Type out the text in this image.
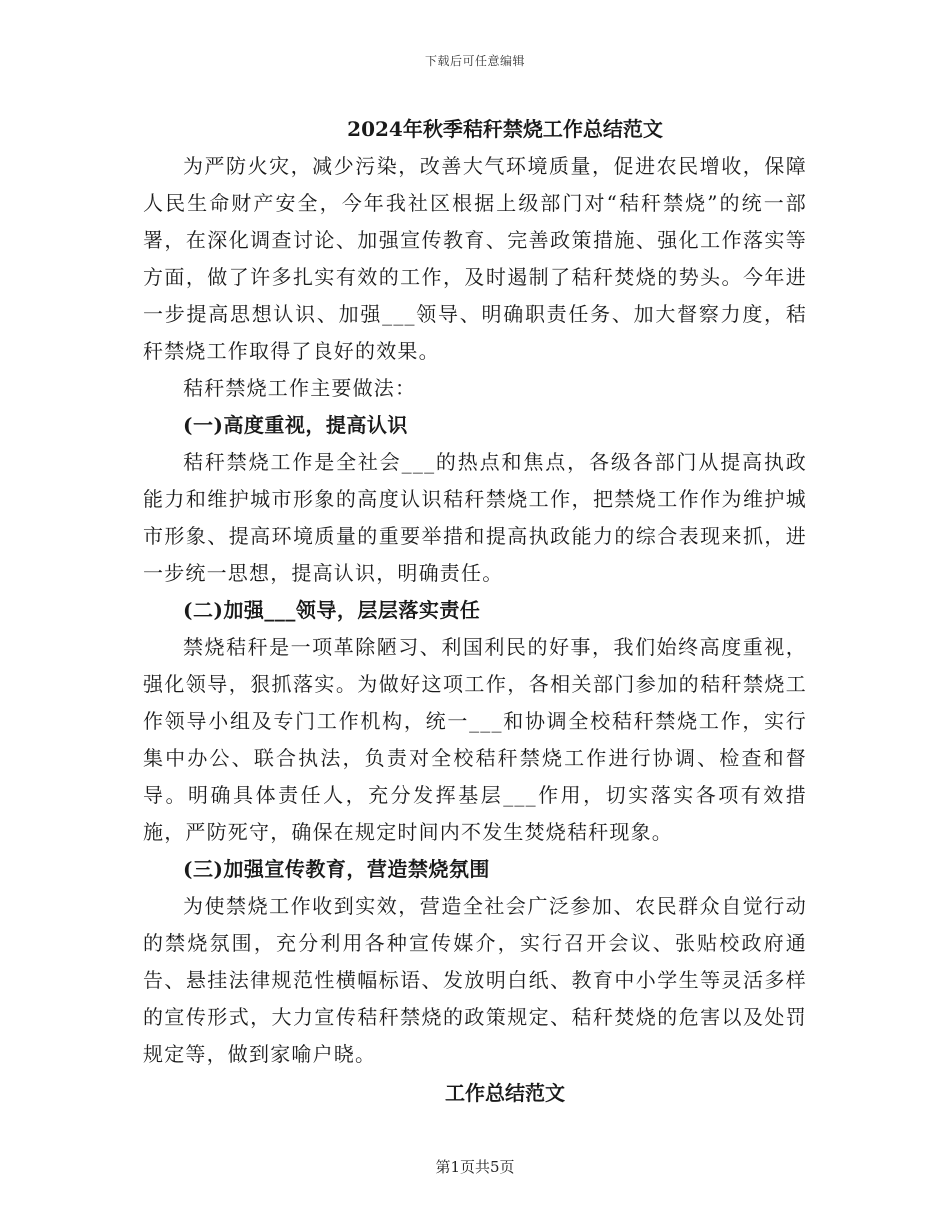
下载后可任意编辑
2024年秋季秸秆禁烧工作总结范文

为严防火灾，减少污染，改善大气环境质量，促进农民增收，保障人民生命财产安全，今年我社区根据上级部门对“秸秆禁烧”的统一部署，在深化调查讨论、加强宣传教育、完善政策措施、强化工作落实等方面，做了许多扎实有效的工作，及时遏制了秸秆焚烧的势头。今年进一步提高思想认识、加强___领导、明确职责任务、加大督察力度，秸秆禁烧工作取得了良好的效果。

秸秆禁烧工作主要做法：

(一)高度重视，提高认识

秸秆禁烧工作是全社会___的热点和焦点，各级各部门从提高执政能力和维护城市形象的高度认识秸秆禁烧工作，把禁烧工作作为维护城市形象、提高环境质量的重要举措和提高执政能力的综合表现来抓，进一步统一思想，提高认识，明确责任。

(二)加强___领导，层层落实责任

禁烧秸秆是一项革除陋习、利国利民的好事，我们始终高度重视，强化领导，狠抓落实。为做好这项工作，各相关部门参加的秸秆禁烧工作领导小组及专门工作机构，统一___和协调全校秸秆禁烧工作，实行集中办公、联合执法，负责对全校秸秆禁烧工作进行协调、检查和督导。明确具体责任人，充分发挥基层___作用，切实落实各项有效措施，严防死守，确保在规定时间内不发生焚烧秸秆现象。

(三)加强宣传教育，营造禁烧氛围

为使禁烧工作收到实效，营造全社会广泛参加、农民群众自觉行动的禁烧氛围，充分利用各种宣传媒介，实行召开会议、张贴校政府通告、悬挂法律规范性横幅标语、发放明白纸、教育中小学生等灵活多样的宣传形式，大力宣传秸秆禁烧的政策规定、秸秆焚烧的危害以及处罚规定等，做到家喻户晓。

工作总结范文
第1页共5页
